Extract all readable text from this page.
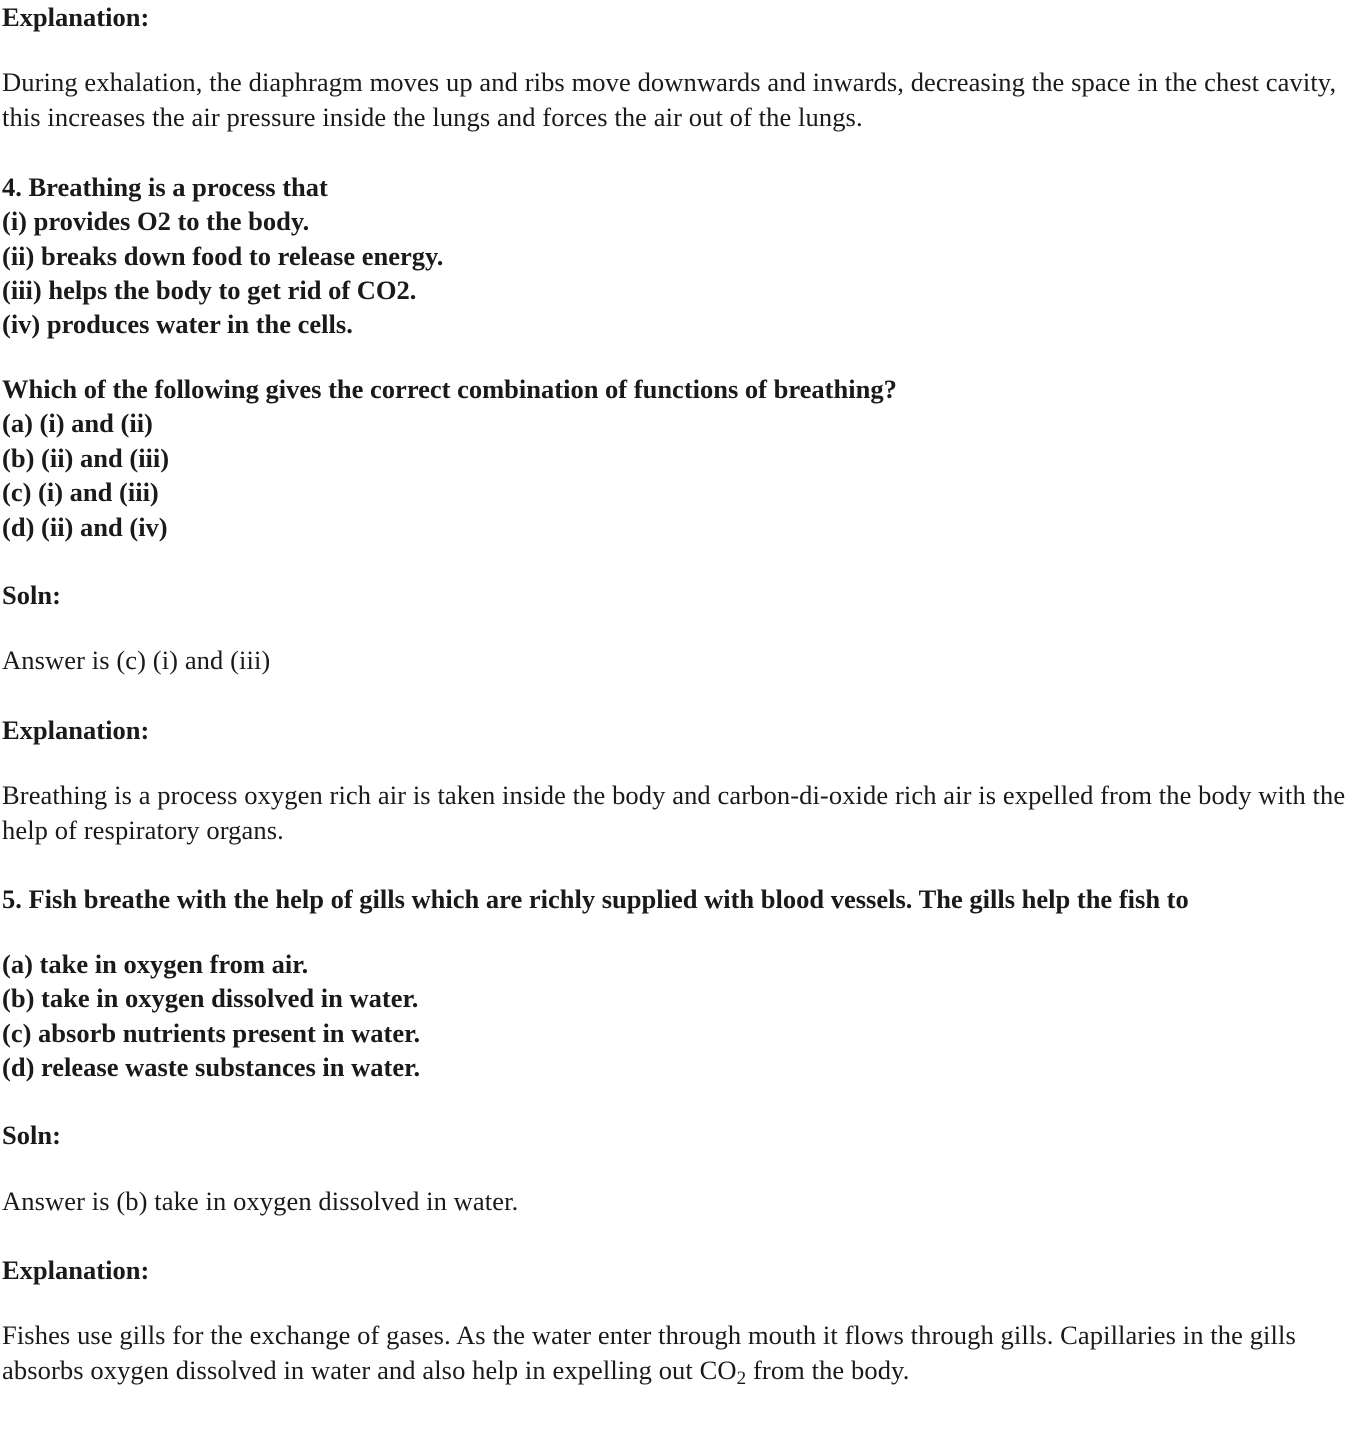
Explanation:
During exhalation, the diaphragm moves up and ribs move downwards and inwards, decreasing the space in the chest cavity, this increases the air pressure inside the lungs and forces the air out of the lungs.
4. Breathing is a process that
(i) provides O2 to the body.
(ii) breaks down food to release energy.
(iii) helps the body to get rid of CO2.
(iv) produces water in the cells.
Which of the following gives the correct combination of functions of breathing?
(a) (i) and (ii)
(b) (ii) and (iii)
(c) (i) and (iii)
(d) (ii) and (iv)
Soln:
Answer is (c) (i) and (iii)
Explanation:
Breathing is a process oxygen rich air is taken inside the body and carbon-di-oxide rich air is expelled from the body with the help of respiratory organs.
5. Fish breathe with the help of gills which are richly supplied with blood vessels. The gills help the fish to
(a) take in oxygen from air.
(b) take in oxygen dissolved in water.
(c) absorb nutrients present in water.
(d) release waste substances in water.
Soln:
Answer is (b) take in oxygen dissolved in water.
Explanation:
Fishes use gills for the exchange of gases. As the water enter through mouth it flows through gills. Capillaries in the gills absorbs oxygen dissolved in water and also help in expelling out $CO_2$ from the body.
